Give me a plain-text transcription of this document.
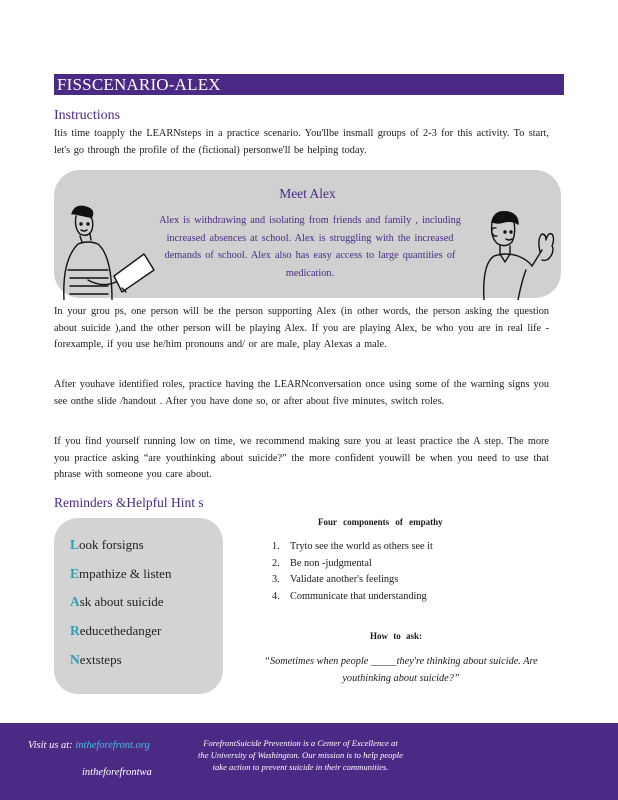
FISSCENARIO-ALEX
Instructions

Itis time toapply the LEARNsteps in a practice scenario. You'llbe insmall groups of 2-3 for this activity. To start, let's go through the profile of the (fictional) personwe'll be helping today.

Meet Alex
Alex is withdrawing and isolating from friends and family , including increased absences at school. Alex is struggling with the increased demands of school. Alex also has easy access to large quantities of medication.

In your grou ps, one person will be the person supporting Alex (in other words, the person asking the question about suicide ),and the other person will be playing Alex. If you are playing Alex, be who you are in real life -forexample, if you use he/him pronouns and/ or are male, play Alexas a male.

After youhave identified roles, practice having the LEARNconversation once using some of the warning signs you see onthe slide /handout . After you have done so, or after about five minutes, switch roles.

If you find yourself running low on time, we recommend making sure you at least practice the A step. The more you practice asking “are youthinking about suicide?” the more confident youwill be when you need to use that phrase with someone you care about.

Reminders &Helpful Hint s
Look forsigns
Empathize & listen
Ask about suicide
Reducethedanger
Nextsteps
Four components of empathy
1. Tryto see the world as others see it
2. Be non -judgmental
3. Validate another's feelings
4. Communicate that understanding
How to ask:
“Sometimes when people _____they're thinking about suicide. Are youthinking about suicide?”
Visit us at: intheforefront.org
intheforefrontwa
ForefrontSuicide Prevention is a Center of Excellence at the University of Washington. Our mission is to help people take action to prevent suicide in their communities.
